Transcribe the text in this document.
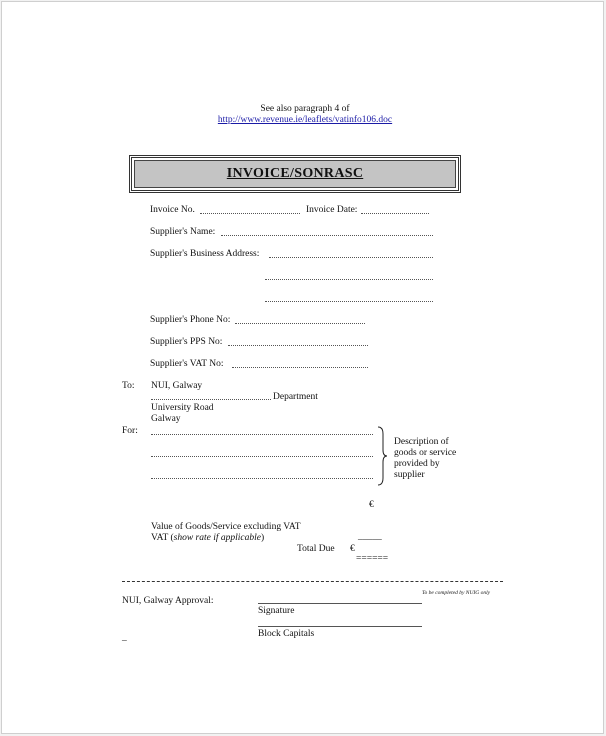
See also paragraph 4 of
http://www.revenue.ie/leaflets/vatinfo106.doc
INVOICE/SONRASC
Invoice No.	Invoice Date:
Supplier's Name:
Supplier's Business Address:
Supplier's Phone No:
Supplier's PPS No:
Supplier's VAT No:
To: NUI, Galway
Department
University Road
Galway
For:
Description of
goods or service
provided by
supplier
€
Value of Goods/Service excluding VAT
VAT (show rate if applicable)	_____
Total Due €
======
To be completed by NUIG only
NUI, Galway Approval:
Signature
Block Capitals
_
